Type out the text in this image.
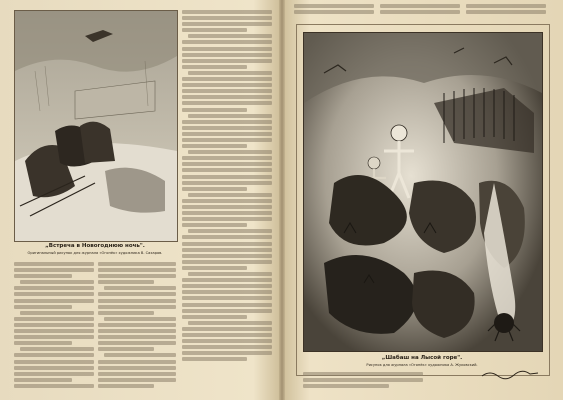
„Встреча в Новогоднюю ночь".
Оригинальный рисунок для журнала «Огонёк» художника В. Сахаров.
„Шабаш на Лысой горе".
Рисунок для журнала «Огонёк» художника А. Жуковский.
